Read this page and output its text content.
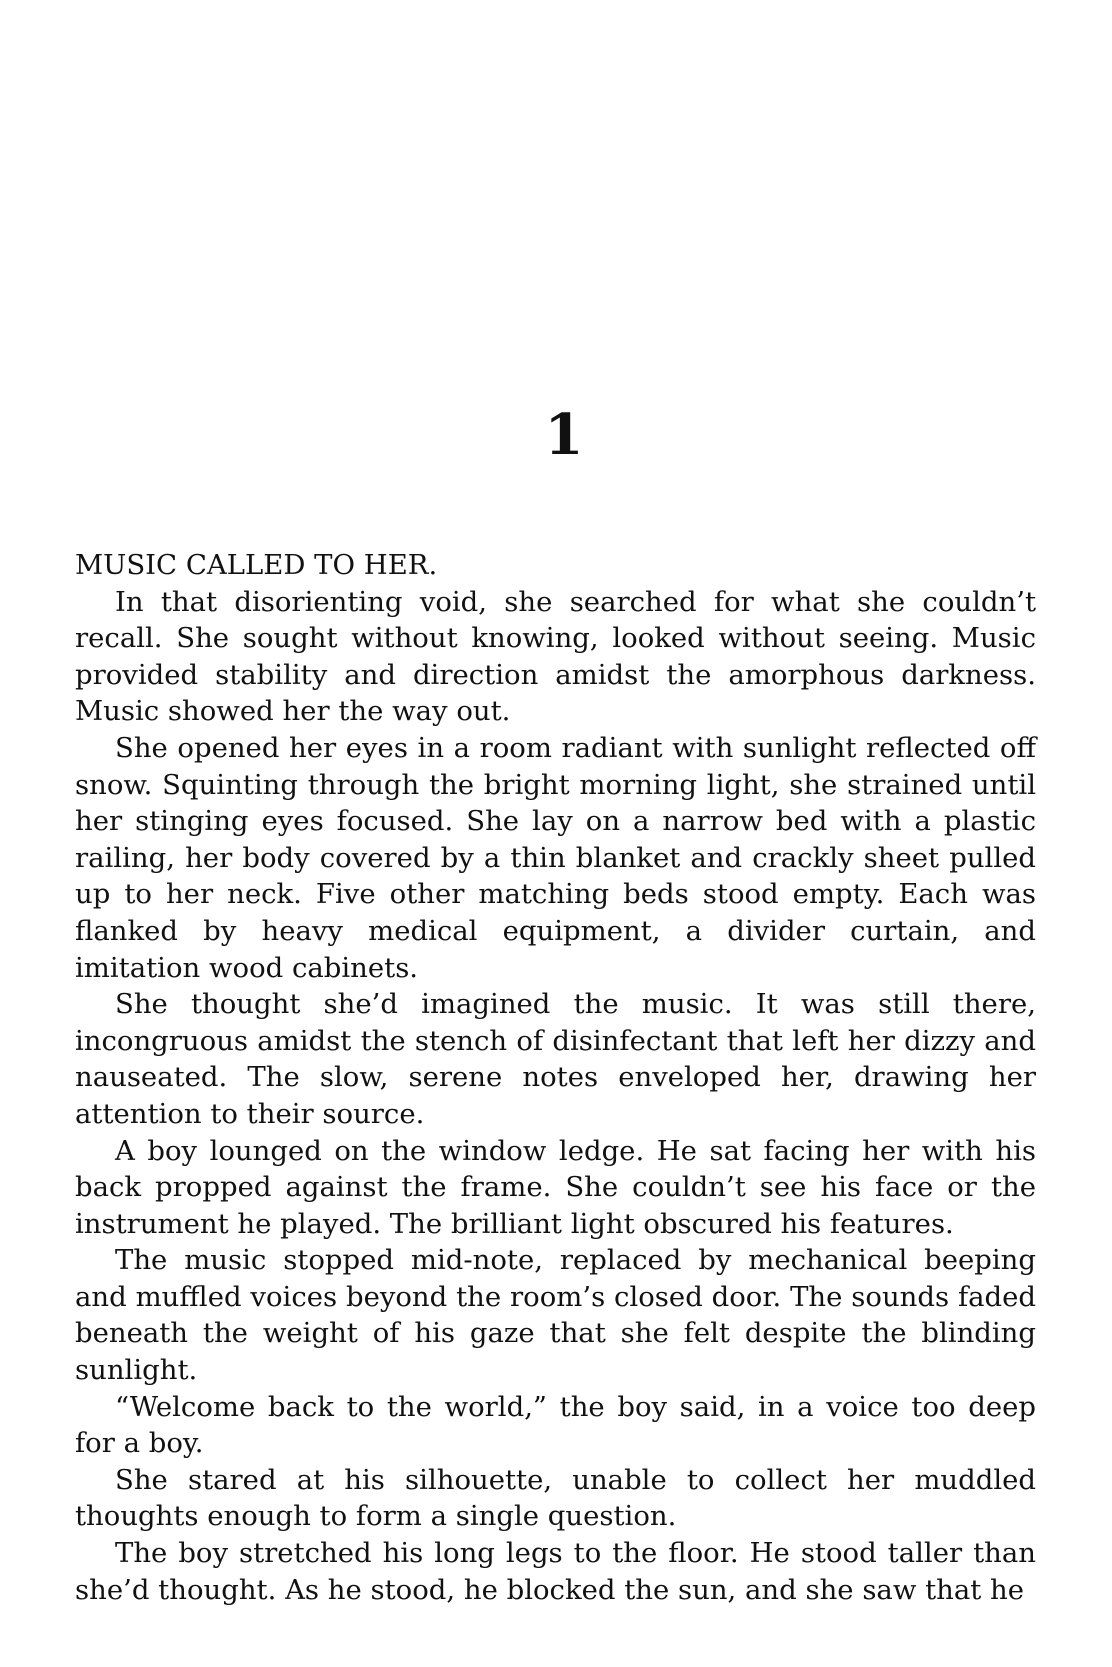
1

MUSIC CALLED TO HER.

In that disorienting void, she searched for what she couldn’t recall. She sought without knowing, looked without seeing. Music provided stability and direction amidst the amorphous darkness. Music showed her the way out.

She opened her eyes in a room radiant with sunlight reflected off snow. Squinting through the bright morning light, she strained until her stinging eyes focused. She lay on a narrow bed with a plastic railing, her body covered by a thin blanket and crackly sheet pulled up to her neck. Five other matching beds stood empty. Each was flanked by heavy medical equipment, a divider curtain, and imitation wood cabinets.

She thought she’d imagined the music. It was still there, incongruous amidst the stench of disinfectant that left her dizzy and nauseated. The slow, serene notes enveloped her, drawing her attention to their source.

A boy lounged on the window ledge. He sat facing her with his back propped against the frame. She couldn’t see his face or the instrument he played. The brilliant light obscured his features.

The music stopped mid-note, replaced by mechanical beeping and muffled voices beyond the room’s closed door. The sounds faded beneath the weight of his gaze that she felt despite the blinding sunlight.

“Welcome back to the world,” the boy said, in a voice too deep for a boy.

She stared at his silhouette, unable to collect her muddled thoughts enough to form a single question.

The boy stretched his long legs to the floor. He stood taller than she’d thought. As he stood, he blocked the sun, and she saw that he
